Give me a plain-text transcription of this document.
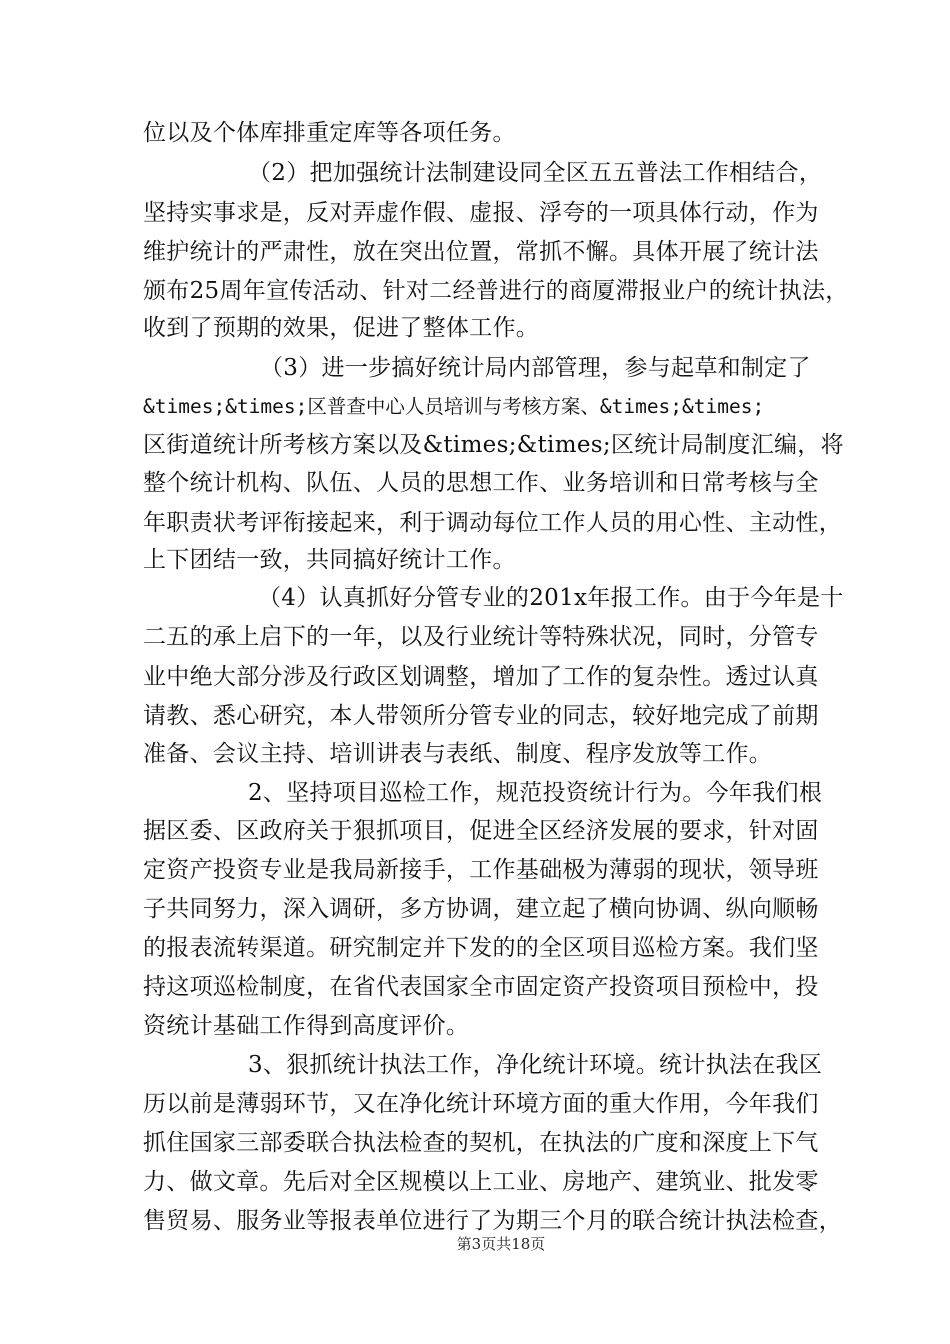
位以及个体库排重定库等各项任务。
（2）把加强统计法制建设同全区五五普法工作相结合，
坚持实事求是，反对弄虚作假、虚报、浮夸的一项具体行动，作为
维护统计的严肃性，放在突出位置，常抓不懈。具体开展了统计法
颁布25周年宣传活动、针对二经普进行的商厦滞报业户的统计执法，
收到了预期的效果，促进了整体工作。
（3）进一步搞好统计局内部管理，参与起草和制定了
&times;&times;区普查中心人员培训与考核方案、&times;&times;
区街道统计所考核方案以及&times;&times;区统计局制度汇编，将
整个统计机构、队伍、人员的思想工作、业务培训和日常考核与全
年职责状考评衔接起来，利于调动每位工作人员的用心性、主动性，
上下团结一致，共同搞好统计工作。
（4）认真抓好分管专业的201x年报工作。由于今年是十
二五的承上启下的一年，以及行业统计等特殊状况，同时，分管专
业中绝大部分涉及行政区划调整，增加了工作的复杂性。透过认真
请教、悉心研究，本人带领所分管专业的同志，较好地完成了前期
准备、会议主持、培训讲表与表纸、制度、程序发放等工作。
2、坚持项目巡检工作，规范投资统计行为。今年我们根
据区委、区政府关于狠抓项目，促进全区经济发展的要求，针对固
定资产投资专业是我局新接手，工作基础极为薄弱的现状，领导班
子共同努力，深入调研，多方协调，建立起了横向协调、纵向顺畅
的报表流转渠道。研究制定并下发的的全区项目巡检方案。我们坚
持这项巡检制度，在省代表国家全市固定资产投资项目预检中，投
资统计基础工作得到高度评价。
3、狠抓统计执法工作，净化统计环境。统计执法在我区
历以前是薄弱环节，又在净化统计环境方面的重大作用，今年我们
抓住国家三部委联合执法检查的契机，在执法的广度和深度上下气
力、做文章。先后对全区规模以上工业、房地产、建筑业、批发零
售贸易、服务业等报表单位进行了为期三个月的联合统计执法检查，
第3页共18页
